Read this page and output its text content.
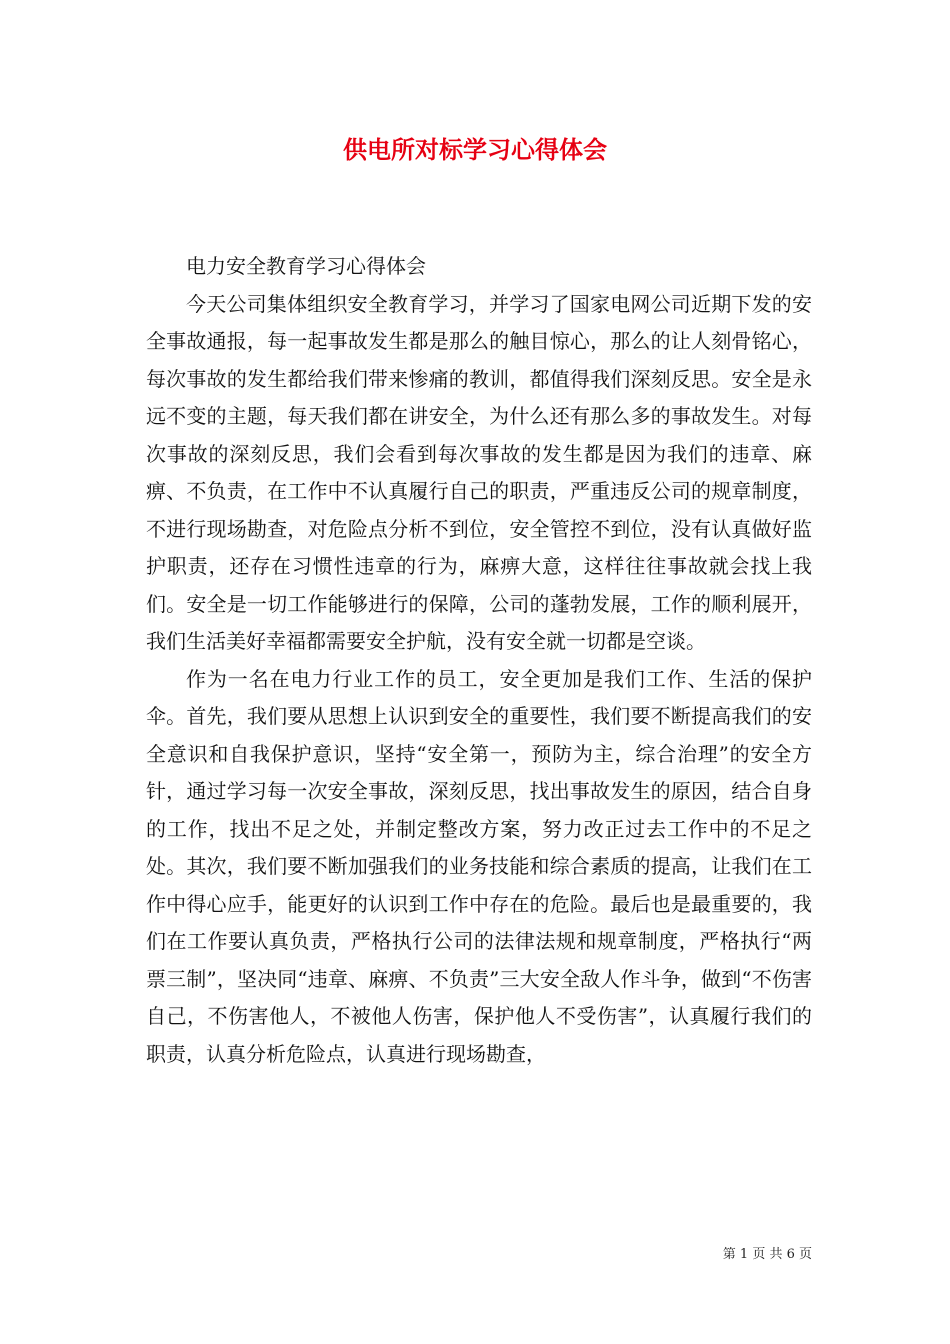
供电所对标学习心得体会

电力安全教育学习心得体会

今天公司集体组织安全教育学习，并学习了国家电网公司近期下发的安全事故通报，每一起事故发生都是那么的触目惊心，那么的让人刻骨铭心，每次事故的发生都给我们带来惨痛的教训，都值得我们深刻反思。安全是永远不变的主题，每天我们都在讲安全，为什么还有那么多的事故发生。对每次事故的深刻反思，我们会看到每次事故的发生都是因为我们的违章、麻痹、不负责，在工作中不认真履行自己的职责，严重违反公司的规章制度，不进行现场勘查，对危险点分析不到位，安全管控不到位，没有认真做好监护职责，还存在习惯性违章的行为，麻痹大意，这样往往事故就会找上我们。安全是一切工作能够进行的保障，公司的蓬勃发展，工作的顺利展开，我们生活美好幸福都需要安全护航，没有安全就一切都是空谈。

作为一名在电力行业工作的员工，安全更加是我们工作、生活的保护伞。首先，我们要从思想上认识到安全的重要性，我们要不断提高我们的安全意识和自我保护意识，坚持“安全第一，预防为主，综合治理”的安全方针，通过学习每一次安全事故，深刻反思，找出事故发生的原因，结合自身的工作，找出不足之处，并制定整改方案，努力改正过去工作中的不足之处。其次，我们要不断加强我们的业务技能和综合素质的提高，让我们在工作中得心应手，能更好的认识到工作中存在的危险。最后也是最重要的，我们在工作要认真负责，严格执行公司的法律法规和规章制度，严格执行“两票三制”，坚决同“违章、麻痹、不负责”三大安全敌人作斗争，做到“不伤害自己，不伤害他人，不被他人伤害，保护他人不受伤害”，认真履行我们的职责，认真分析危险点，认真进行现场勘查，

第 1 页 共 6 页
